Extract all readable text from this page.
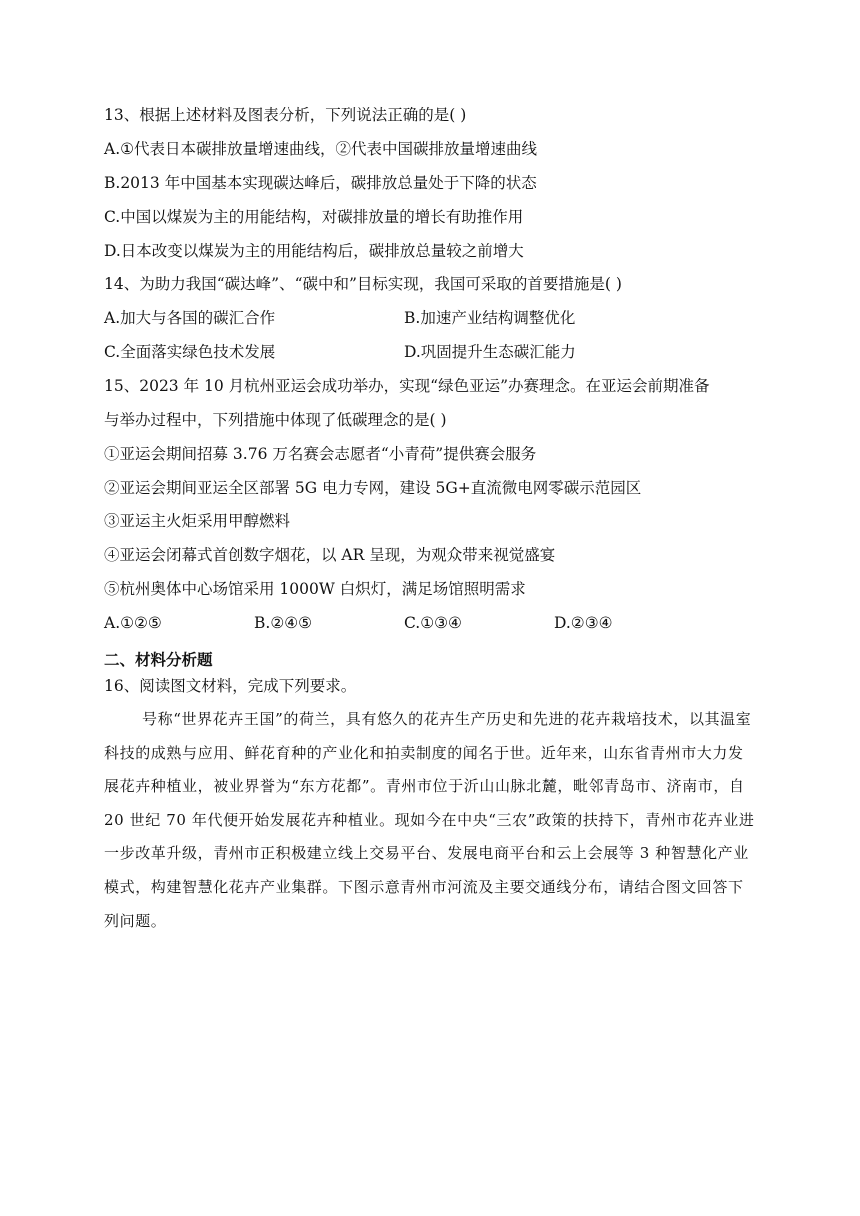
13、根据上述材料及图表分析，下列说法正确的是( )
A.①代表日本碳排放量增速曲线，②代表中国碳排放量增速曲线
B.2013 年中国基本实现碳达峰后，碳排放总量处于下降的状态
C.中国以煤炭为主的用能结构，对碳排放量的增长有助推作用
D.日本改变以煤炭为主的用能结构后，碳排放总量较之前增大
14、为助力我国“碳达峰”、“碳中和”目标实现，我国可采取的首要措施是( )
A.加大与各国的碳汇合作	B.加速产业结构调整优化
C.全面落实绿色技术发展	D.巩固提升生态碳汇能力
15、2023 年 10 月杭州亚运会成功举办，实现“绿色亚运”办赛理念。在亚运会前期准备
与举办过程中，下列措施中体现了低碳理念的是( )
①亚运会期间招募 3.76 万名赛会志愿者“小青荷”提供赛会服务
②亚运会期间亚运全区部署 5G 电力专网，建设 5G+直流微电网零碳示范园区
③亚运主火炬采用甲醇燃料
④亚运会闭幕式首创数字烟花，以 AR 呈现，为观众带来视觉盛宴
⑤杭州奥体中心场馆采用 1000W 白炽灯，满足场馆照明需求
A.①②⑤	B.②④⑤	C.①③④	D.②③④
二、材料分析题
16、阅读图文材料，完成下列要求。
号称“世界花卉王国”的荷兰，具有悠久的花卉生产历史和先进的花卉栽培技术，以其温室科技的成熟与应用、鲜花育种的产业化和拍卖制度的闻名于世。近年来，山东省青州市大力发展花卉种植业，被业界誉为“东方花都”。青州市位于沂山山脉北麓，毗邻青岛市、济南市，自 20 世纪 70 年代便开始发展花卉种植业。现如今在中央“三农”政策的扶持下，青州市花卉业进一步改革升级，青州市正积极建立线上交易平台、发展电商平台和云上会展等 3 种智慧化产业模式，构建智慧化花卉产业集群。下图示意青州市河流及主要交通线分布，请结合图文回答下列问题。
